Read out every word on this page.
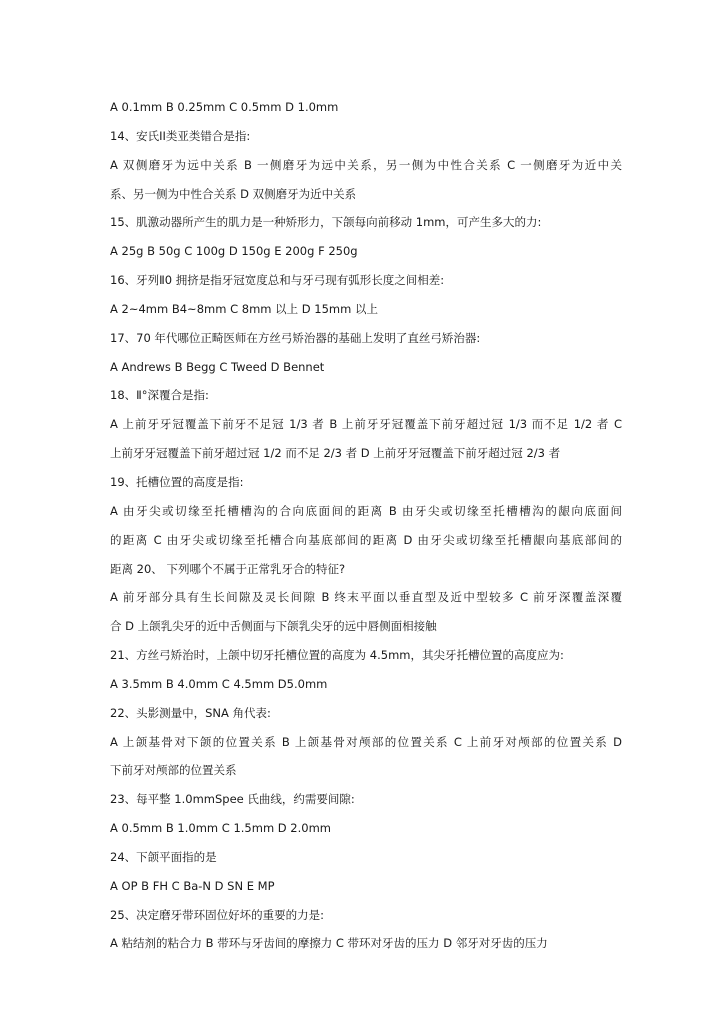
A 0.1mm B 0.25mm C 0.5mm D 1.0mm
14、安氏II类亚类错合是指:
A 双侧磨牙为远中关系 B 一侧磨牙为远中关系，另一侧为中性合关系 C 一侧磨牙为近中关
系、另一侧为中性合关系 D 双侧磨牙为近中关系
15、肌激动器所产生的肌力是一种矫形力，下颌每向前移动 1mm，可产生多大的力:
A 25g B 50g C 100g D 150g E 200g F 250g
16、牙列Ⅱ0 拥挤是指牙冠宽度总和与牙弓现有弧形长度之间相差:
A 2~4mm B4~8mm C 8mm 以上 D 15mm 以上
17、70 年代哪位正畸医师在方丝弓矫治器的基础上发明了直丝弓矫治器:
A Andrews B Begg C Tweed D Bennet
18、Ⅱ°深覆合是指:
A 上前牙牙冠覆盖下前牙不足冠 1/3 者 B 上前牙牙冠覆盖下前牙超过冠 1/3 而不足 1/2 者 C
上前牙牙冠覆盖下前牙超过冠 1/2 而不足 2/3 者 D 上前牙牙冠覆盖下前牙超过冠 2/3 者
19、托槽位置的高度是指:
A 由牙尖或切缘至托槽槽沟的合向底面间的距离 B 由牙尖或切缘至托槽槽沟的龈向底面间
的距离 C 由牙尖或切缘至托槽合向基底部间的距离 D 由牙尖或切缘至托槽龈向基底部间的
距离 20、 下列哪个不属于正常乳牙合的特征?
A 前牙部分具有生长间隙及灵长间隙 B 终末平面以垂直型及近中型较多 C 前牙深覆盖深覆
合 D 上颌乳尖牙的近中舌侧面与下颌乳尖牙的远中唇侧面相接触
21、方丝弓矫治时，上颌中切牙托槽位置的高度为 4.5mm，其尖牙托槽位置的高度应为:
A 3.5mm B 4.0mm C 4.5mm D5.0mm
22、头影测量中，SNA 角代表:
A 上颌基骨对下颌的位置关系 B 上颌基骨对颅部的位置关系 C 上前牙对颅部的位置关系 D
下前牙对颅部的位置关系
23、每平整 1.0mmSpee 氏曲线，约需要间隙:
A 0.5mm B 1.0mm C 1.5mm D 2.0mm
24、下颌平面指的是
A OP B FH C Ba-N D SN E MP
25、决定磨牙带环固位好坏的重要的力是:
A 粘结剂的粘合力 B 带环与牙齿间的摩擦力 C 带环对牙齿的压力 D 邻牙对牙齿的压力
